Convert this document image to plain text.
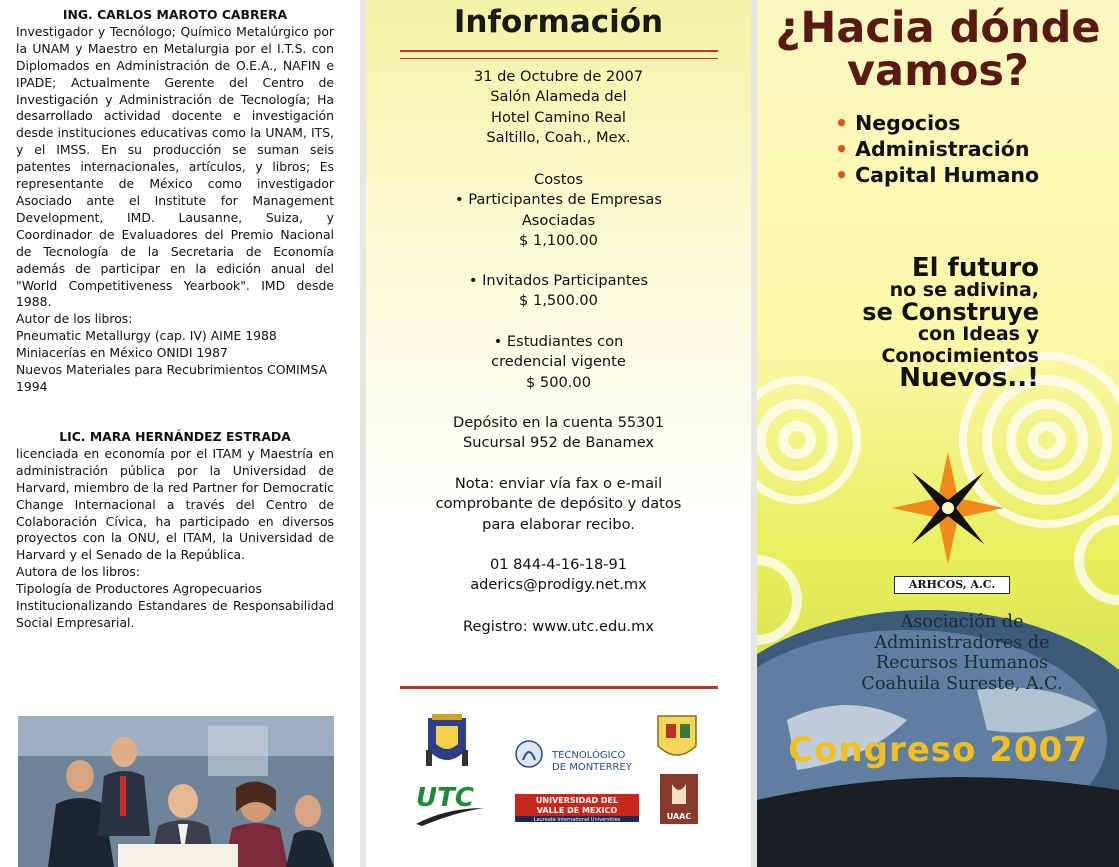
ING. CARLOS MAROTO CABRERA

Investigador y Tecnólogo; Químico Metalúrgico por la UNAM y Maestro en Metalurgia por el I.T.S. con Diplomados en Administración de O.E.A., NAFIN e IPADE; Actualmente Gerente del Centro de Investigación y Administración de Tecnología; Ha desarrollado actividad docente e investigación desde instituciones educativas como la UNAM, ITS, y el IMSS. En su producción se suman seis patentes internacionales, artículos, y libros; Es representante de México como investigador Asociado ante el Institute for Management Development, IMD. Lausanne, Suiza, y Coordinador de Evaluadores del Premio Nacional de Tecnología de la Secretaria de Economía además de participar en la edición anual del "World Competitiveness Yearbook". IMD desde 1988.

Autor de los libros:
Pneumatic Metallurgy (cap. IV) AIME 1988
Miniacerías en México ONIDI 1987
Nuevos Materiales para Recubrimientos COMIMSA 1994
LIC. MARA HERNÁNDEZ ESTRADA

licenciada en economía por el ITAM y Maestría en administración pública por la Universidad de Harvard, miembro de la red Partner for Democratic Change Internacional a través del Centro de Colaboración Cívica, ha participado en diversos proyectos con la ONU, el ITAM, la Universidad de Harvard y el Senado de la República.

Autora de los libros:
Tipología de Productores Agropecuarios

Institucionalizando Estandares de Responsabilidad Social Empresarial.

Información
31 de Octubre de 2007
Salón Alameda del
Hotel Camino Real
Saltillo, Coah., Mex.
Costos
• Participantes de Empresas
Asociadas
$ 1,100.00
• Invitados Participantes
$ 1,500.00
• Estudiantes con
credencial vigente
$ 500.00
Depósito en la cuenta 55301
Sucursal 952 de Banamex
Nota: enviar vía fax o e-mail
comprobante de depósito y datos
para elaborar recibo.
01 844-4-16-18-91
aderics@prodigy.net.mx
Registro: www.utc.edu.mx
TECNOLÓGICO
DE MONTERREY
UTC	UNIVERSIDAD DEL
VALLE DE MEXICO
Laureate International Universities	UAAC
¿Hacia dónde
vamos?
• Negocios
• Administración
• Capital Humano
El futuro
no se adivina,
se Construye
con Ideas y
Conocimientos
Nuevos..!
ARHCOS, A.C.
Asociación de
Administradores de
Recursos Humanos
Coahuila Sureste, A.C.
Congreso 2007
